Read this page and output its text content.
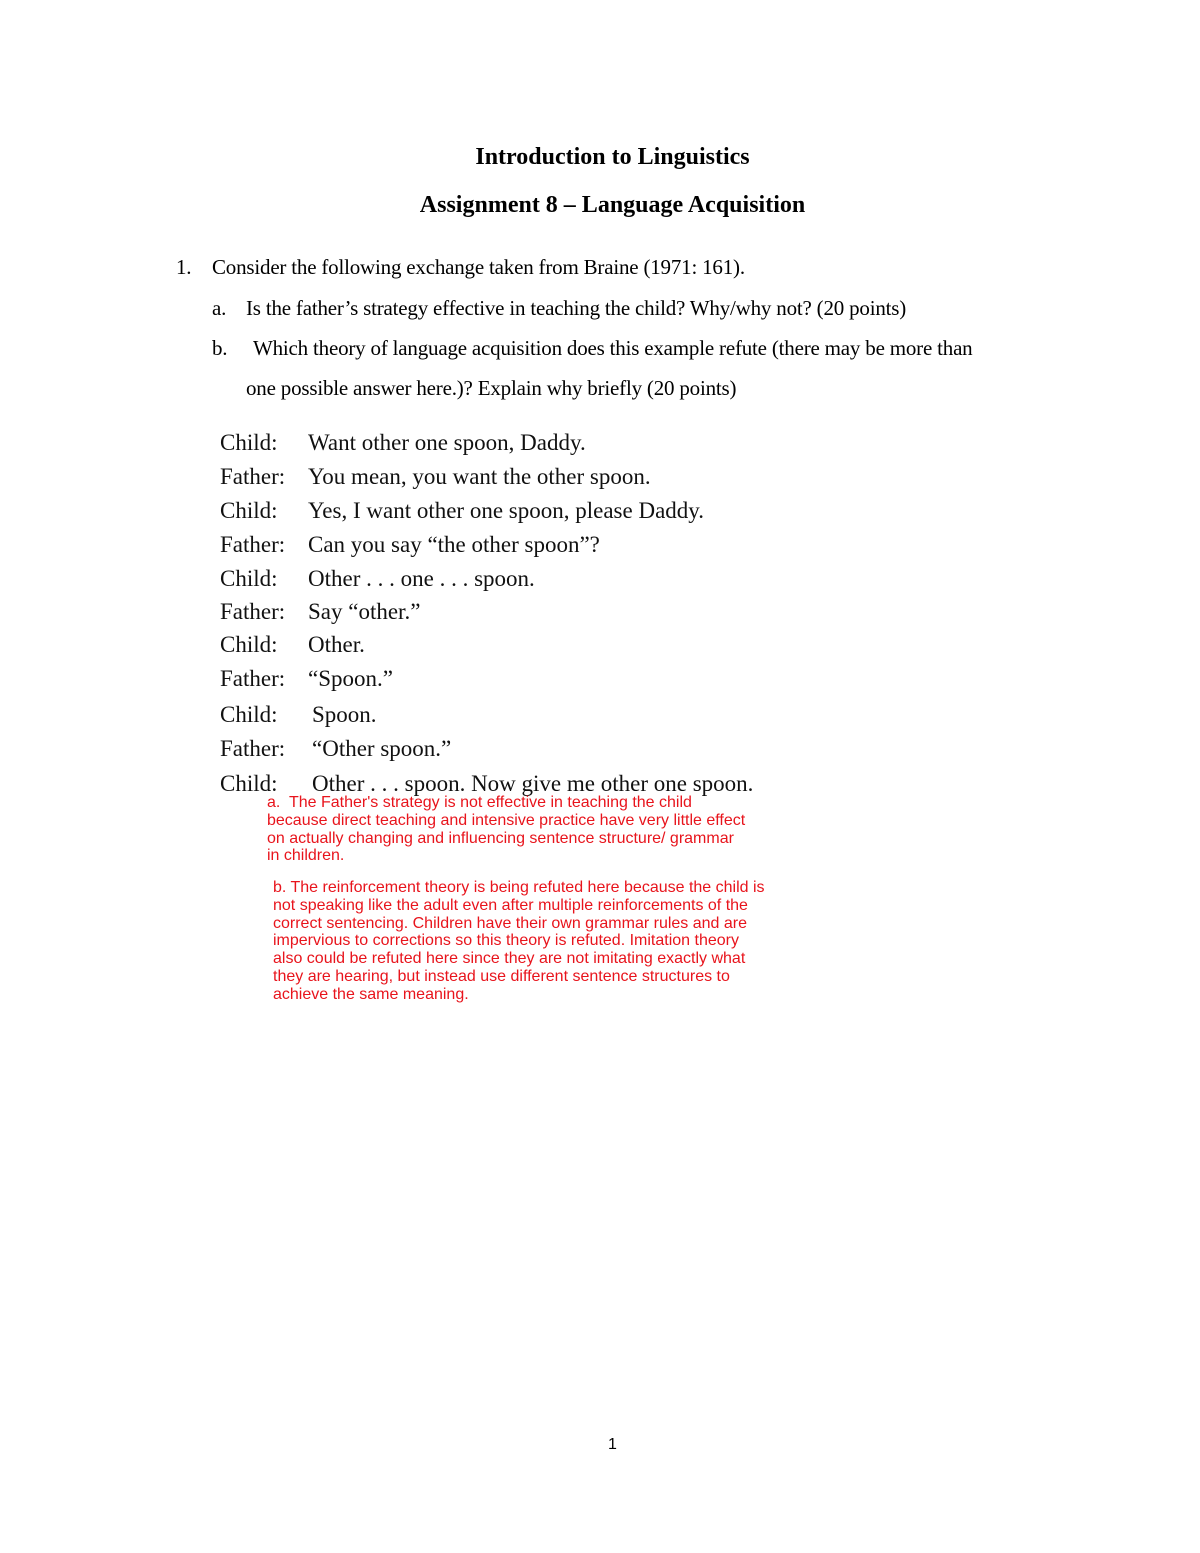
Introduction to Linguistics
Assignment 8 – Language Acquisition
1. Consider the following exchange taken from Braine (1971: 161).
a. Is the father’s strategy effective in teaching the child? Why/why not? (20 points)
b. Which theory of language acquisition does this example refute (there may be more than
one possible answer here.)? Explain why briefly (20 points)
Child: Want other one spoon, Daddy.
Father: You mean, you want the other spoon.
Child: Yes, I want other one spoon, please Daddy.
Father: Can you say “the other spoon”?
Child: Other . . . one . . . spoon.
Father: Say “other.”
Child: Other.
Father: “Spoon.”
Child: Spoon.
Father: “Other spoon.”
Child: Other . . . spoon. Now give me other one spoon.
a.  The Father's strategy is not effective in teaching the child
because direct teaching and intensive practice have very little effect
on actually changing and influencing sentence structure/ grammar
in children.
b. The reinforcement theory is being refuted here because the child is
not speaking like the adult even after multiple reinforcements of the
correct sentencing. Children have their own grammar rules and are
impervious to corrections so this theory is refuted. Imitation theory
also could be refuted here since they are not imitating exactly what
they are hearing, but instead use different sentence structures to
achieve the same meaning.
1
